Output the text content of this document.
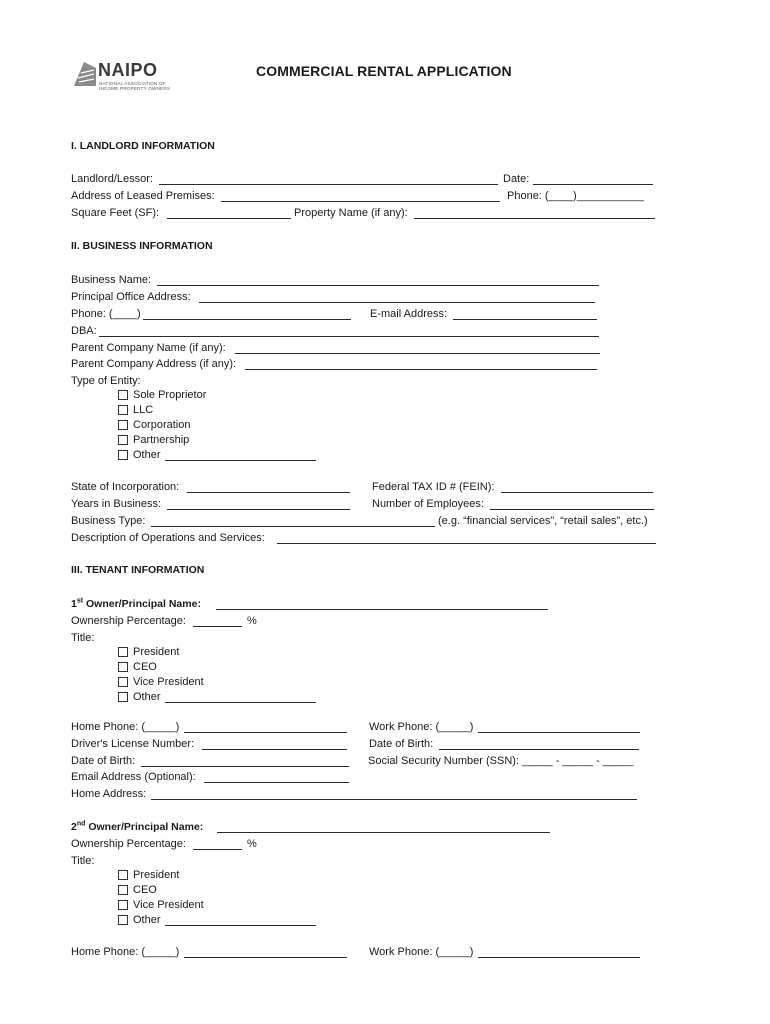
NAIPO
NATIONAL ASSOCIATION OF
INCOME PROPERTY OWNERS
COMMERCIAL RENTAL APPLICATION
I. LANDLORD INFORMATION
Landlord/Lessor:	Date:
Address of Leased Premises:	Phone: (____)___________
Square Feet (SF):	Property Name (if any):
II. BUSINESS INFORMATION
Business Name:
Principal Office Address:
Phone: (____)	E-mail Address:
DBA:
Parent Company Name (if any):
Parent Company Address (if any):
Type of Entity:
Sole Proprietor
LLC
Corporation
Partnership
Other
State of Incorporation:	Federal TAX ID # (FEIN):
Years in Business:	Number of Employees:
Business Type:	(e.g. “financial services”, “retail sales”, etc.)
Description of Operations and Services:
III. TENANT INFORMATION
1st Owner/Principal Name:
Ownership Percentage:	%
Title:
President
CEO
Vice President
Other
Home Phone: (_____)	Work Phone: (_____)
Driver's License Number:	Date of Birth:
Date of Birth:	Social Security Number (SSN): _____ - _____ - _____
Email Address (Optional):
Home Address:
2nd Owner/Principal Name:
Ownership Percentage:	%
Title:
President
CEO
Vice President
Other
Home Phone: (_____)	Work Phone: (_____)
